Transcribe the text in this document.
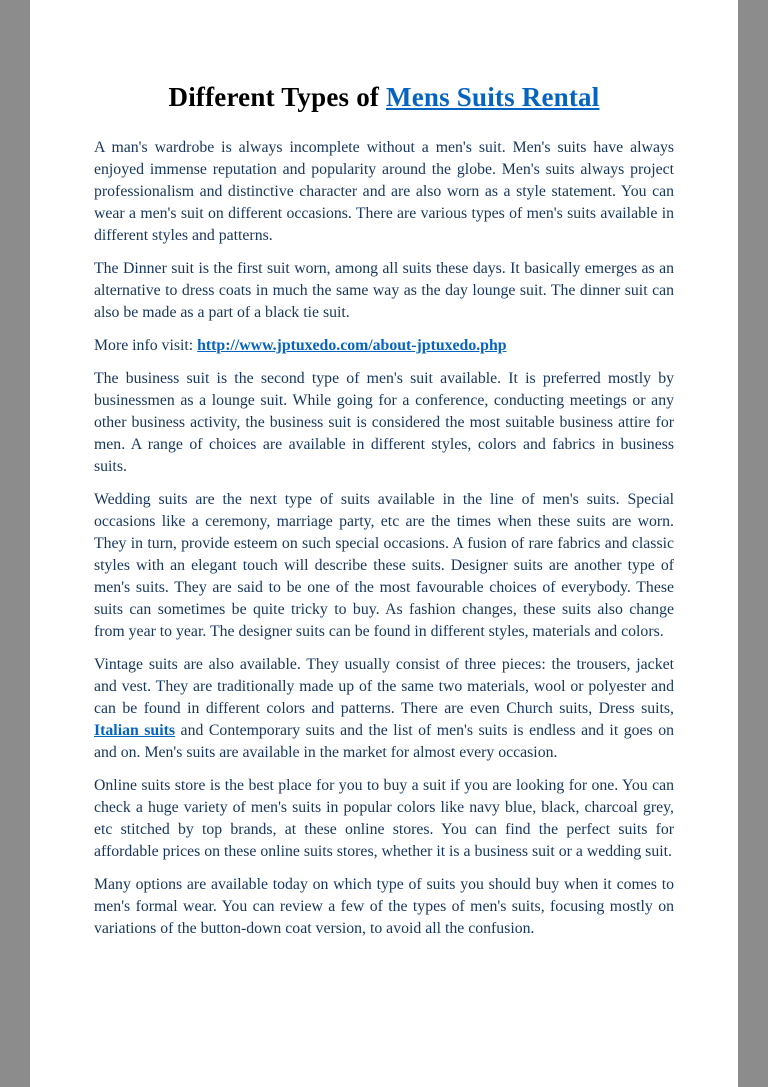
Different Types of Mens Suits Rental

A man's wardrobe is always incomplete without a men's suit. Men's suits have always enjoyed immense reputation and popularity around the globe. Men's suits always project professionalism and distinctive character and are also worn as a style statement. You can wear a men's suit on different occasions. There are various types of men's suits available in different styles and patterns.

The Dinner suit is the first suit worn, among all suits these days. It basically emerges as an alternative to dress coats in much the same way as the day lounge suit. The dinner suit can also be made as a part of a black tie suit.

More info visit: http://www.jptuxedo.com/about-jptuxedo.php

The business suit is the second type of men's suit available. It is preferred mostly by businessmen as a lounge suit. While going for a conference, conducting meetings or any other business activity, the business suit is considered the most suitable business attire for men. A range of choices are available in different styles, colors and fabrics in business suits.

Wedding suits are the next type of suits available in the line of men's suits. Special occasions like a ceremony, marriage party, etc are the times when these suits are worn. They in turn, provide esteem on such special occasions. A fusion of rare fabrics and classic styles with an elegant touch will describe these suits. Designer suits are another type of men's suits. They are said to be one of the most favourable choices of everybody. These suits can sometimes be quite tricky to buy. As fashion changes, these suits also change from year to year. The designer suits can be found in different styles, materials and colors.

Vintage suits are also available. They usually consist of three pieces: the trousers, jacket and vest. They are traditionally made up of the same two materials, wool or polyester and can be found in different colors and patterns. There are even Church suits, Dress suits, Italian suits and Contemporary suits and the list of men's suits is endless and it goes on and on. Men's suits are available in the market for almost every occasion.

Online suits store is the best place for you to buy a suit if you are looking for one. You can check a huge variety of men's suits in popular colors like navy blue, black, charcoal grey, etc stitched by top brands, at these online stores. You can find the perfect suits for affordable prices on these online suits stores, whether it is a business suit or a wedding suit.

Many options are available today on which type of suits you should buy when it comes to men's formal wear. You can review a few of the types of men's suits, focusing mostly on variations of the button-down coat version, to avoid all the confusion.
